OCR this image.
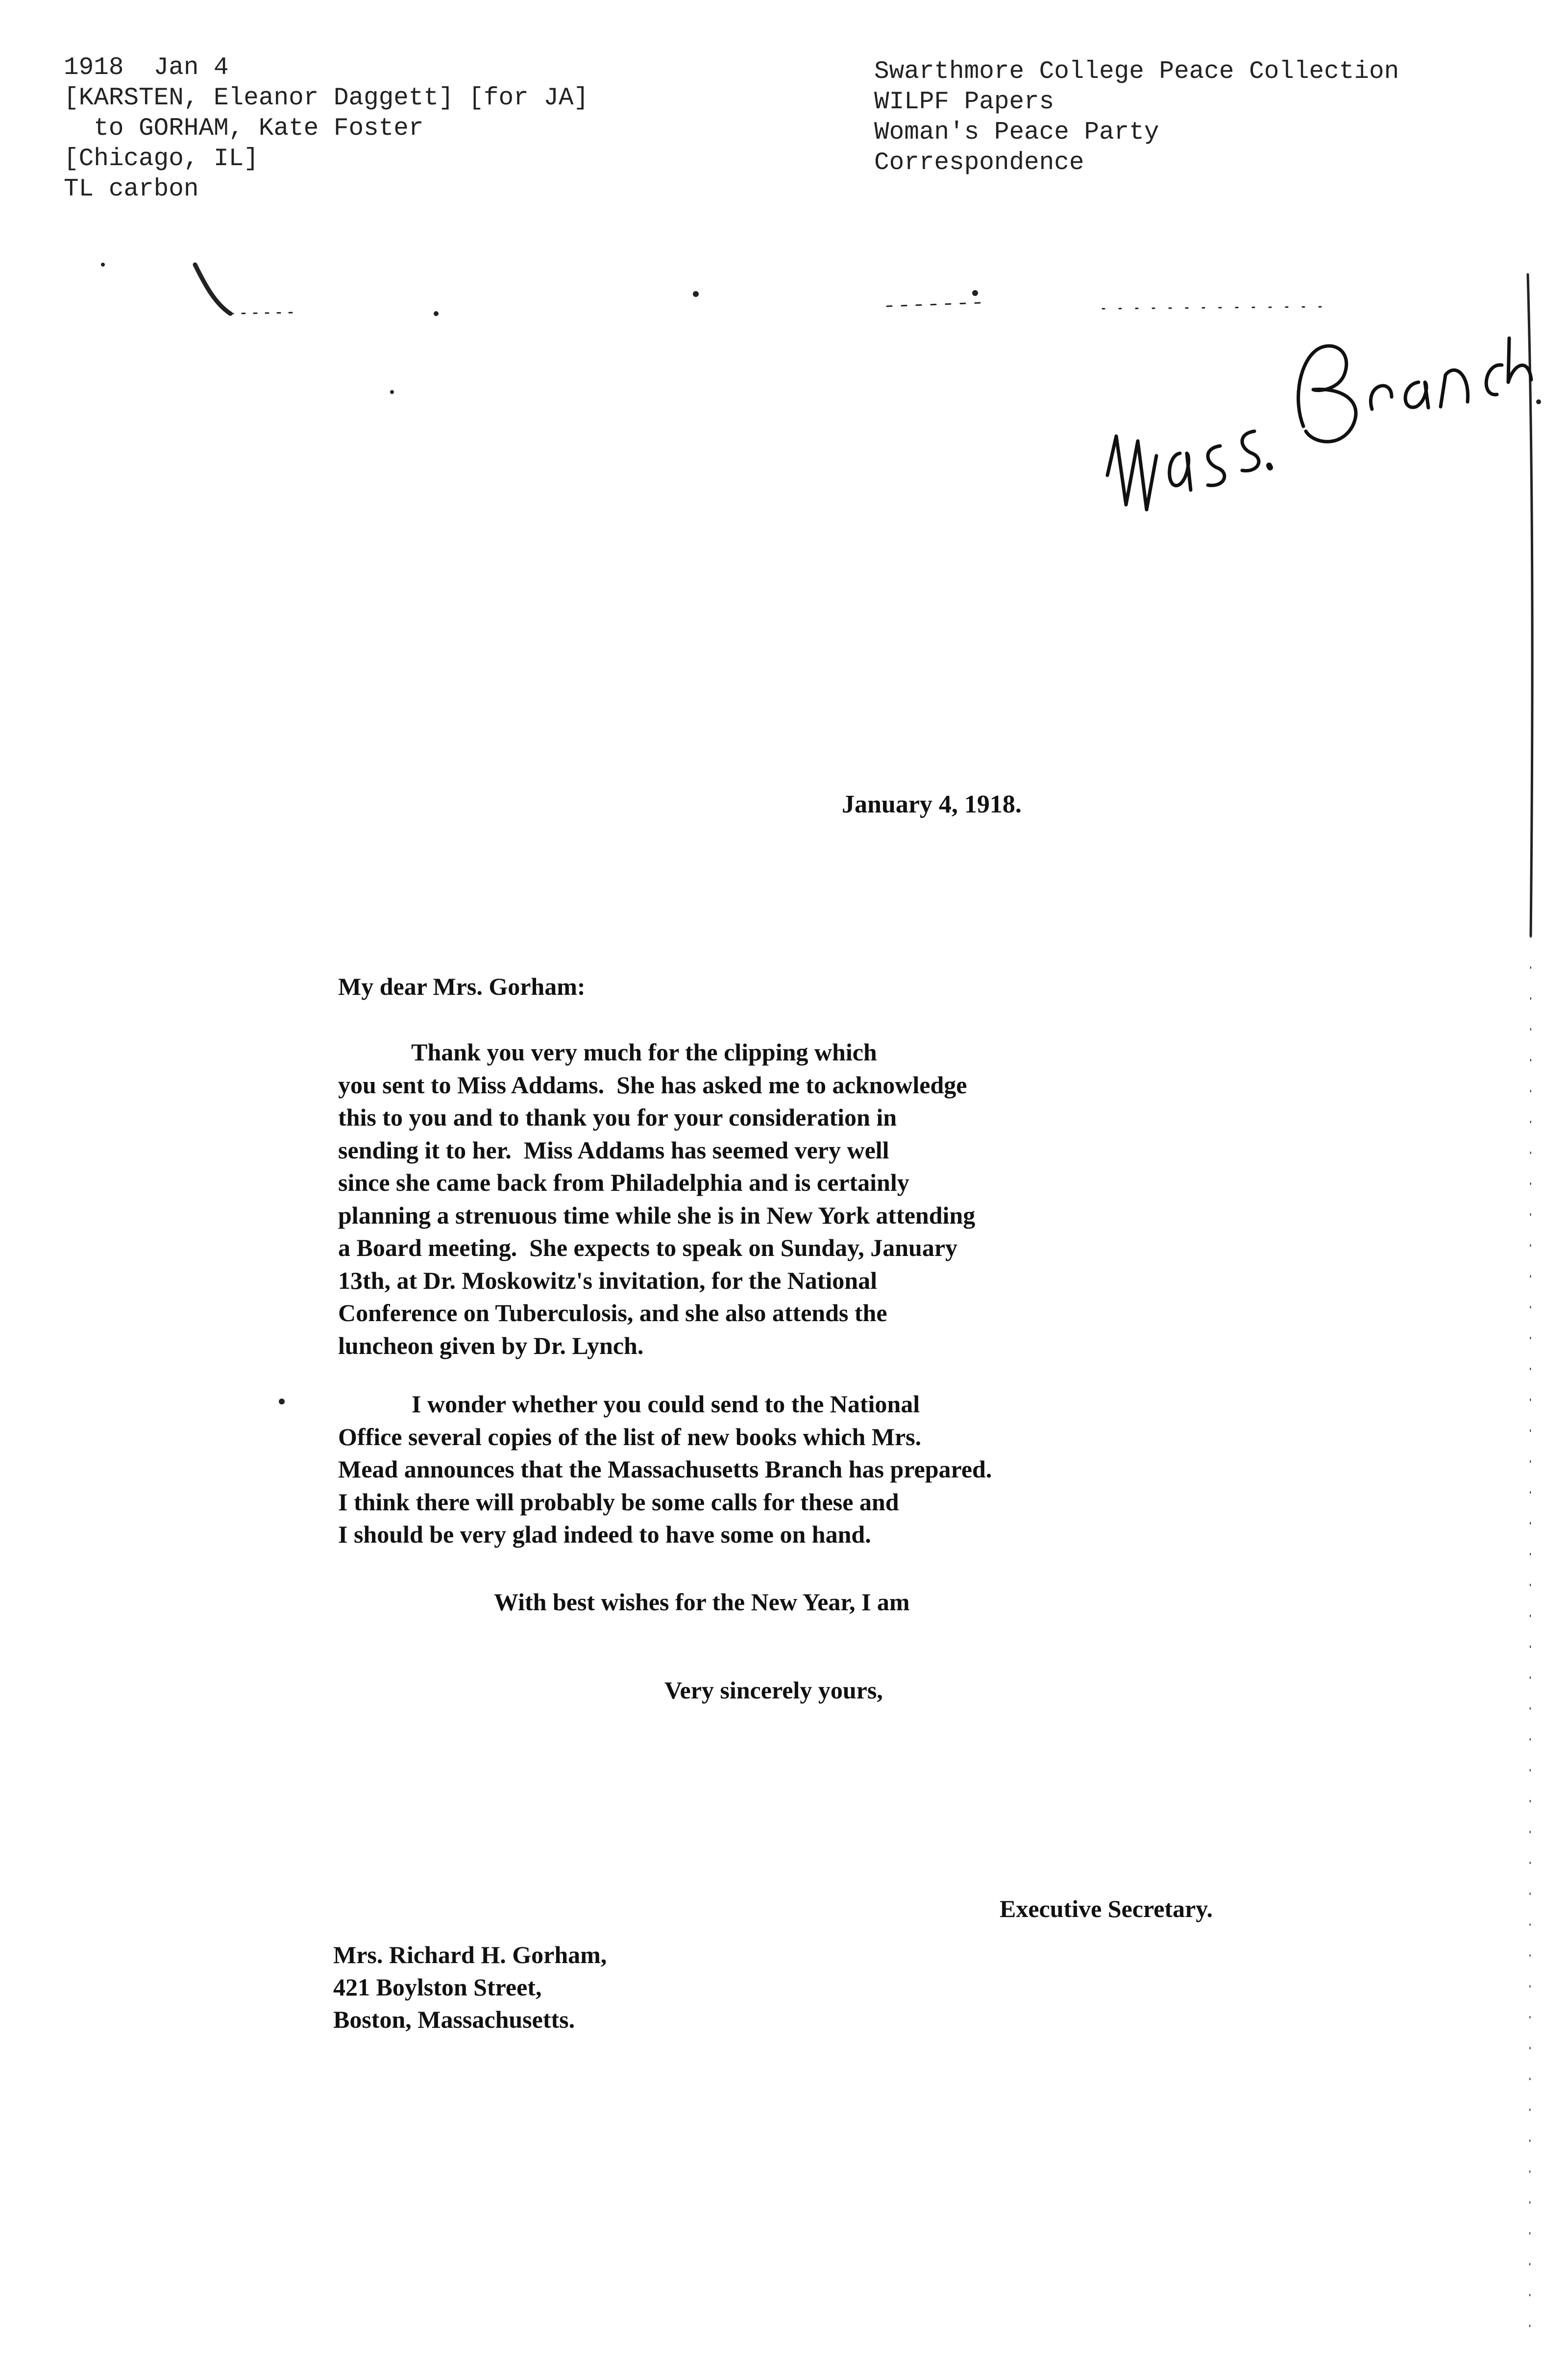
1918  Jan 4
[KARSTEN, Eleanor Daggett] [for JA]
to GORHAM, Kate Foster
[Chicago, IL]
TL carbon
Swarthmore College Peace Collection
WILPF Papers
Woman's Peace Party
Correspondence
January 4, 1918.
My dear Mrs. Gorham:
Thank you very much for the clipping which
you sent to Miss Addams.  She has asked me to acknowledge
this to you and to thank you for your consideration in
sending it to her.  Miss Addams has seemed very well
since she came back from Philadelphia and is certainly
planning a strenuous time while she is in New York attending
a Board meeting.  She expects to speak on Sunday, January
13th, at Dr. Moskowitz's invitation, for the National
Conference on Tuberculosis, and she also attends the
luncheon given by Dr. Lynch.
I wonder whether you could send to the National
Office several copies of the list of new books which Mrs.
Mead announces that the Massachusetts Branch has prepared.
I think there will probably be some calls for these and
I should be very glad indeed to have some on hand.
With best wishes for the New Year, I am
Very sincerely yours,
Executive Secretary.
Mrs. Richard H. Gorham,
421 Boylston Street,
Boston, Massachusetts.
